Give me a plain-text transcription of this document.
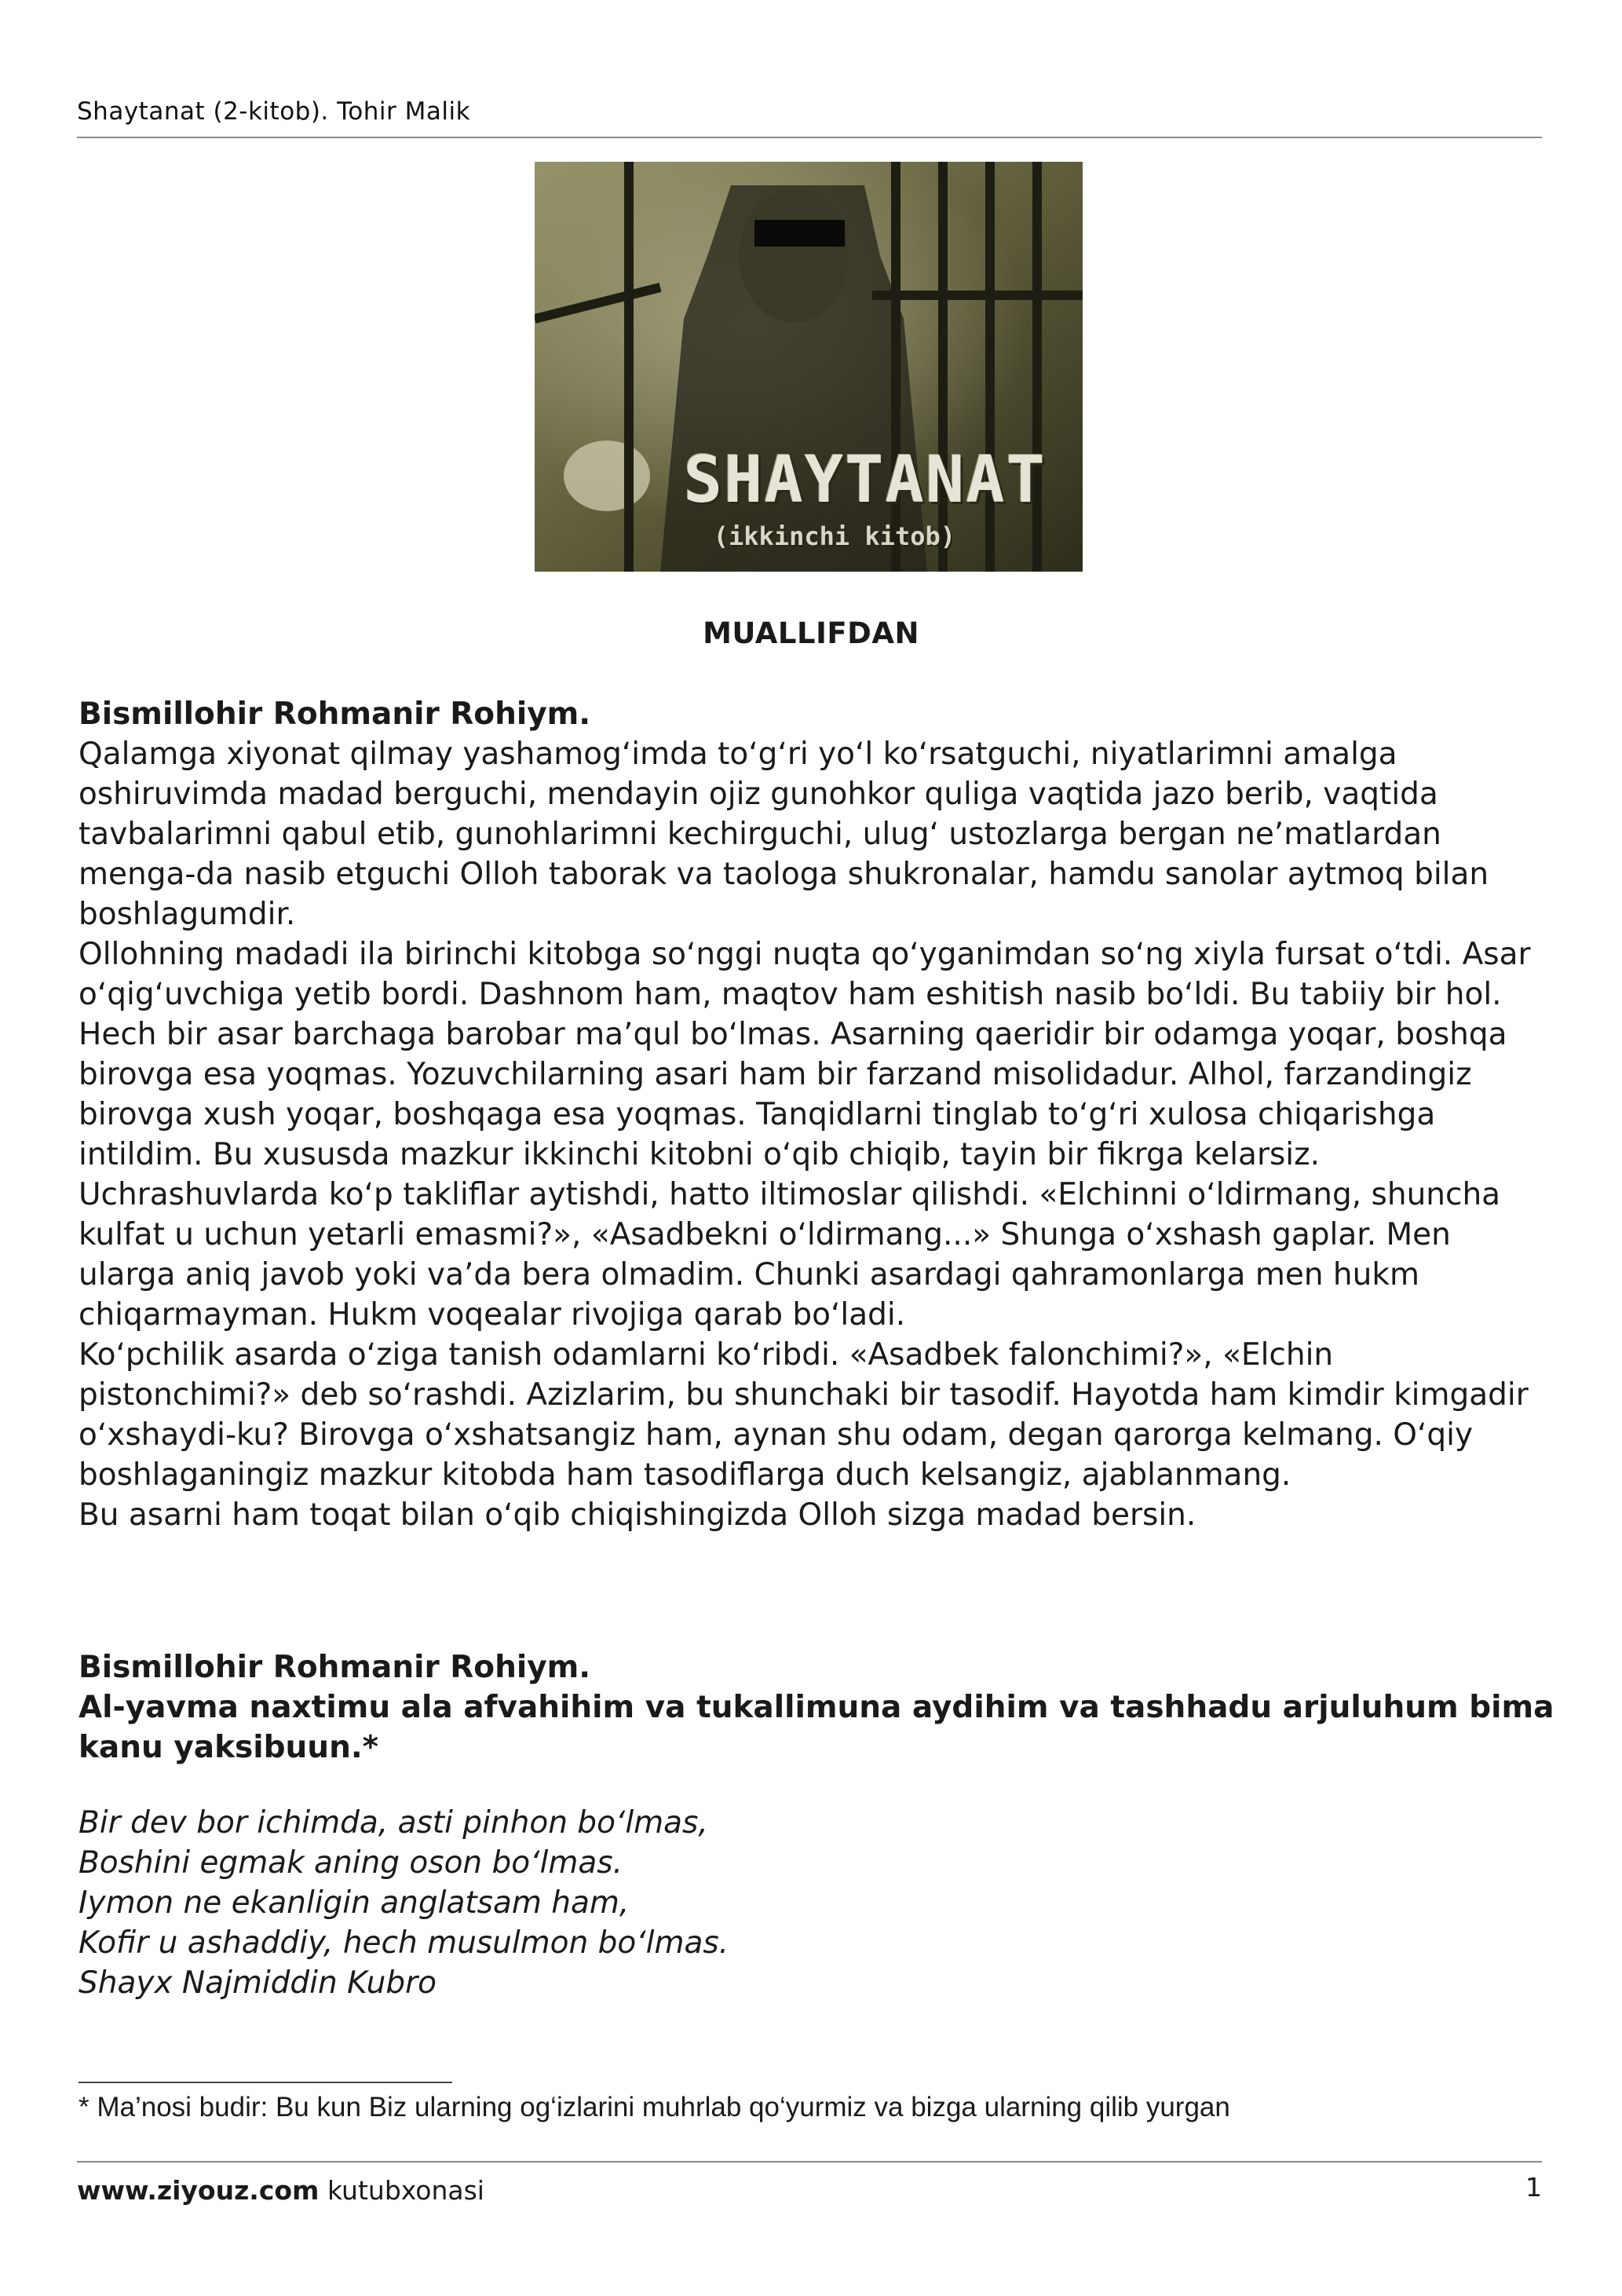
Shaytanat (2-kitob). Tohir Malik
SHAYTANAT
(ikkinchi kitob)
MUALLIFDAN

Bismillohir Rohmanir Rohiym.

Qalamga xiyonat qilmay yashamog‘imda to‘g‘ri yo‘l ko‘rsatguchi, niyatlarimni amalga oshiruvimda madad berguchi, mendayin ojiz gunohkor quliga vaqtida jazo berib, vaqtida tavbalarimni qabul etib, gunohlarimni kechirguchi, ulug‘ ustozlarga bergan ne’matlardan menga-da nasib etguchi Olloh taborak va taologa shukronalar, hamdu sanolar aytmoq bilan boshlagumdir.

Ollohning madadi ila birinchi kitobga so‘nggi nuqta qo‘yganimdan so‘ng xiyla fursat o‘tdi. Asar o‘qig‘uvchiga yetib bordi. Dashnom ham, maqtov ham eshitish nasib bo‘ldi. Bu tabiiy bir hol. Hech bir asar barchaga barobar ma’qul bo‘lmas. Asarning qaeridir bir odamga yoqar, boshqa birovga esa yoqmas. Yozuvchilarning asari ham bir farzand misolidadur. Alhol, farzandingiz birovga xush yoqar, boshqaga esa yoqmas. Tanqidlarni tinglab to‘g‘ri xulosa chiqarishga intildim. Bu xususda mazkur ikkinchi kitobni o‘qib chiqib, tayin bir fikrga kelarsiz.

Uchrashuvlarda ko‘p takliflar aytishdi, hatto iltimoslar qilishdi. «Elchinni o‘ldirmang, shuncha kulfat u uchun yetarli emasmi?», «Asadbekni o‘ldirmang...» Shunga o‘xshash gaplar. Men ularga aniq javob yoki va’da bera olmadim. Chunki asardagi qahramonlarga men hukm chiqarmayman. Hukm voqealar rivojiga qarab bo‘ladi.

Ko‘pchilik asarda o‘ziga tanish odamlarni ko‘ribdi. «Asadbek falonchimi?», «Elchin pistonchimi?» deb so‘rashdi. Azizlarim, bu shunchaki bir tasodif. Hayotda ham kimdir kimgadir o‘xshaydi-ku? Birovga o‘xshatsangiz ham, aynan shu odam, degan qarorga kelmang. O‘qiy boshlaganingiz mazkur kitobda ham tasodiflarga duch kelsangiz, ajablanmang.

Bu asarni ham toqat bilan o‘qib chiqishingizda Olloh sizga madad bersin.

Bismillohir Rohmanir Rohiym.

Al-yavma naxtimu ala afvahihim va tukallimuna aydihim va tashhadu arjuluhum bima kanu yaksibuun.*

Bir dev bor ichimda, asti pinhon bo‘lmas,

Boshini egmak aning oson bo‘lmas.

Iymon ne ekanligin anglatsam ham,

Kofir u ashaddiy, hech musulmon bo‘lmas.

Shayx Najmiddin Kubro

* Ma’nosi budir: Bu kun Biz ularning og‘izlarini muhrlab qo‘yurmiz va bizga ularning qilib yurgan
www.ziyouz.com kutubxonasi	1
